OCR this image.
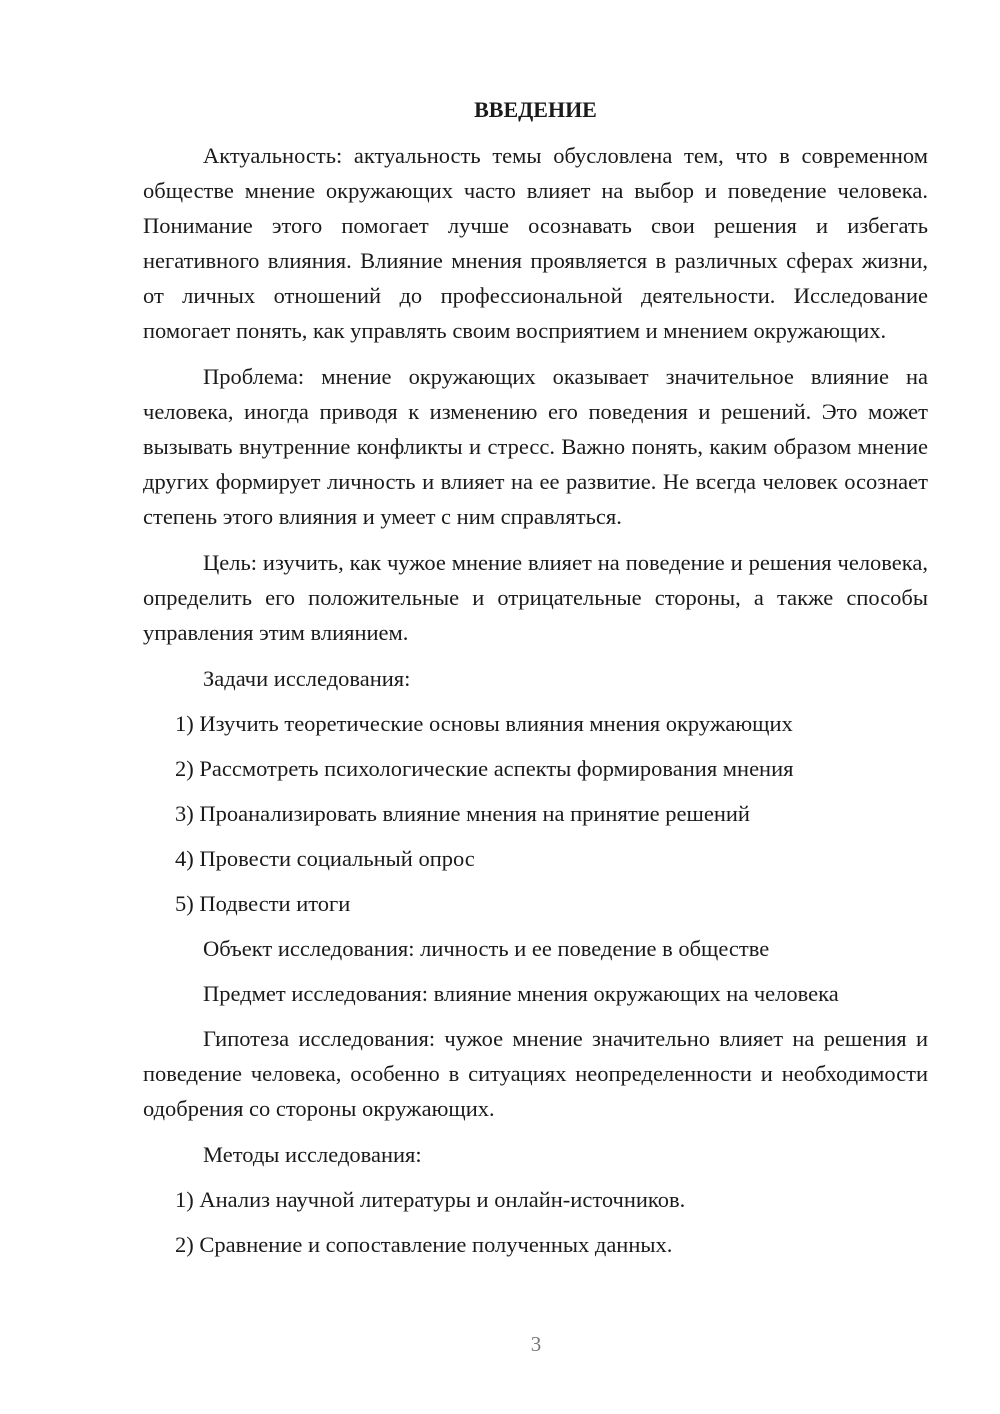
ВВЕДЕНИЕ

Актуальность: актуальность темы обусловлена тем, что в современном обществе мнение окружающих часто влияет на выбор и поведение человека. Понимание этого помогает лучше осознавать свои решения и избегать негативного влияния. Влияние мнения проявляется в различных сферах жизни, от личных отношений до профессиональной деятельности. Исследование помогает понять, как управлять своим восприятием и мнением окружающих.

Проблема: мнение окружающих оказывает значительное влияние на человека, иногда приводя к изменению его поведения и решений. Это может вызывать внутренние конфликты и стресс. Важно понять, каким образом мнение других формирует личность и влияет на ее развитие. Не всегда человек осознает степень этого влияния и умеет с ним справляться.

Цель: изучить, как чужое мнение влияет на поведение и решения человека, определить его положительные и отрицательные стороны, а также способы управления этим влиянием.

Задачи исследования:
1) Изучить теоретические основы влияния мнения окружающих
2) Рассмотреть психологические аспекты формирования мнения
3) Проанализировать влияние мнения на принятие решений
4) Провести социальный опрос
5) Подвести итоги
Объект исследования: личность и ее поведение в обществе
Предмет исследования: влияние мнения окружающих на человека

Гипотеза исследования: чужое мнение значительно влияет на решения и поведение человека, особенно в ситуациях неопределенности и необходимости одобрения со стороны окружающих.

Методы исследования:
1) Анализ научной литературы и онлайн-источников.
2) Сравнение и сопоставление полученных данных.
3
